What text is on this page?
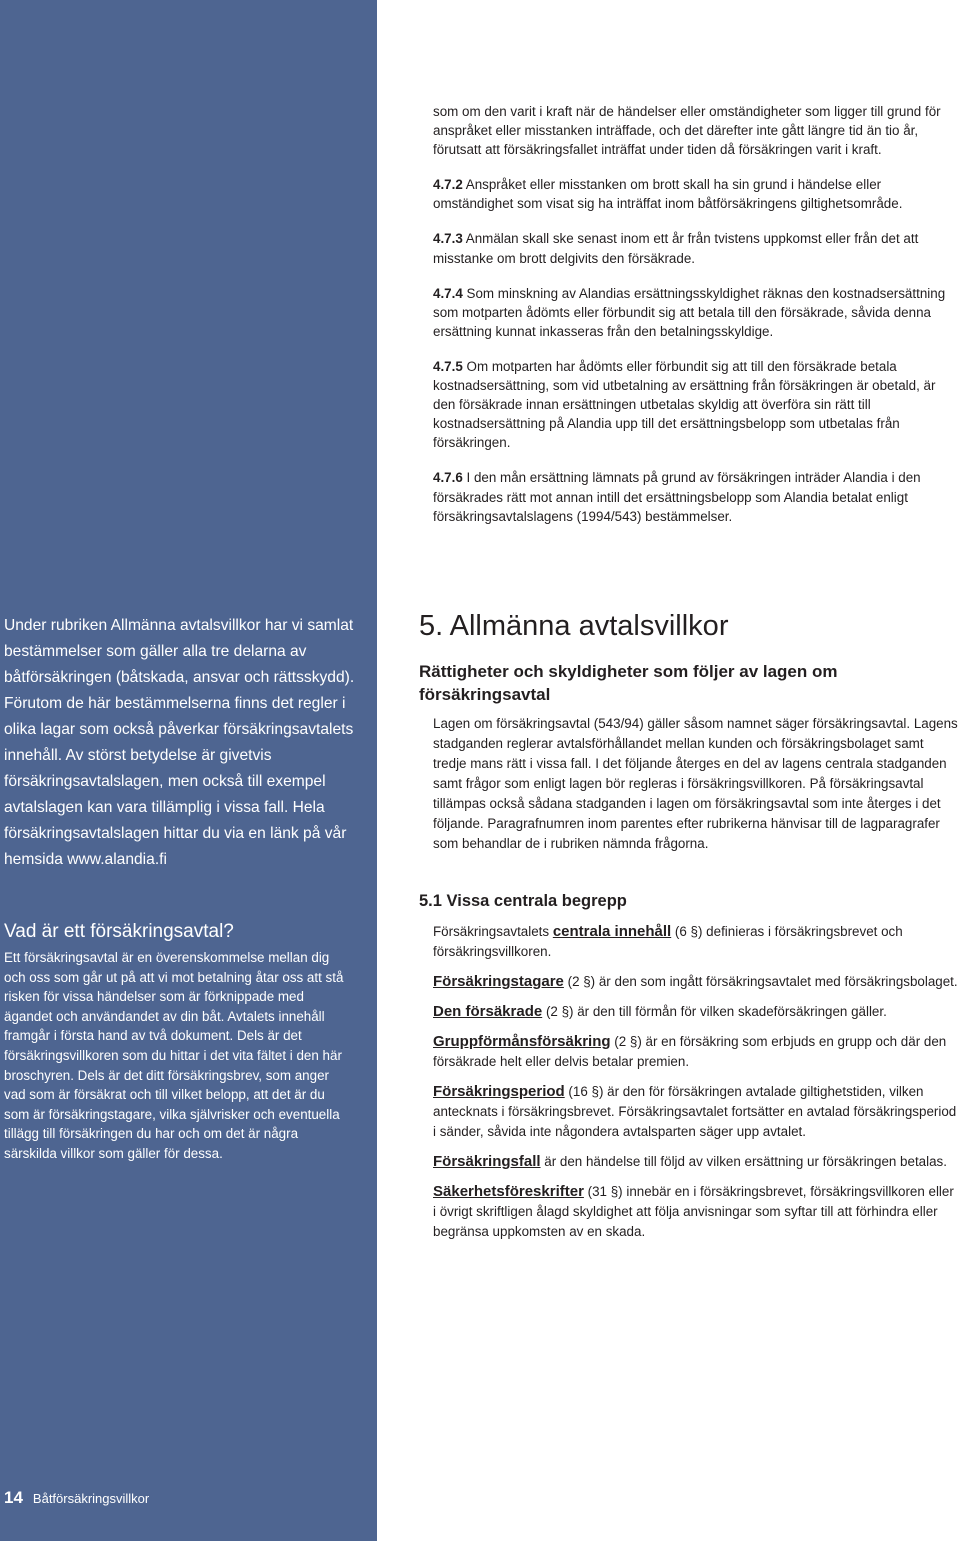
Under rubriken Allmänna avtalsvillkor har vi samlat bestämmelser som gäller alla tre delarna av båtförsäkringen (båtskada, ansvar och rättsskydd). Förutom de här bestämmelserna finns det regler i olika lagar som också påverkar försäkringsavtalets innehåll. Av störst betydelse är givetvis försäkringsavtalslagen, men också till exempel avtalslagen kan vara tillämplig i vissa fall. Hela försäkringsavtalslagen hittar du via en länk på vår hemsida www.alandia.fi
Vad är ett försäkringsavtal?
Ett försäkringsavtal är en överenskommelse mellan dig och oss som går ut på att vi mot betalning åtar oss att stå risken för vissa händelser som är förknippade med ägandet och användandet av din båt. Avtalets innehåll framgår i första hand av två dokument. Dels är det försäkringsvillkoren som du hittar i det vita fältet i den här broschyren. Dels är det ditt försäkringsbrev, som anger vad som är försäkrat och till vilket belopp, att det är du som är försäkringstagare, vilka självrisker och eventuella tillägg till försäkringen du har och om det är några särskilda villkor som gäller för dessa.
14 Båtförsäkringsvillkor

som om den varit i kraft när de händelser eller omständigheter som ligger till grund för anspråket eller misstanken inträffade, och det därefter inte gått längre tid än tio år, förutsatt att försäkringsfallet inträffat under tiden då försäkringen varit i kraft.

4.7.2 Anspråket eller misstanken om brott skall ha sin grund i händelse eller omständighet som visat sig ha inträffat inom båtförsäkringens giltighetsområde.

4.7.3 Anmälan skall ske senast inom ett år från tvistens uppkomst eller från det att misstanke om brott delgivits den försäkrade.

4.7.4 Som minskning av Alandias ersättningsskyldighet räknas den kostnadsersättning som motparten ådömts eller förbundit sig att betala till den försäkrade, såvida denna ersättning kunnat inkasseras från den betalningsskyldige.

4.7.5 Om motparten har ådömts eller förbundit sig att till den försäkrade betala kostnadsersättning, som vid utbetalning av ersättning från försäkringen är obetald, är den försäkrade innan ersättningen utbetalas skyldig att överföra sin rätt till kostnadsersättning på Alandia upp till det ersättningsbelopp som utbetalas från försäkringen.

4.7.6 I den mån ersättning lämnats på grund av försäkringen inträder Alandia i den försäkrades rätt mot annan intill det ersättningsbelopp som Alandia betalat enligt försäkringsavtalslagens (1994/543) bestämmelser.

5. Allmänna avtalsvillkor
Rättigheter och skyldigheter som följer av lagen om försäkringsavtal

Lagen om försäkringsavtal (543/94) gäller såsom namnet säger försäkringsavtal. Lagens stadganden reglerar avtalsförhållandet mellan kunden och försäkringsbolaget samt tredje mans rätt i vissa fall. I det följande återges en del av lagens centrala stadganden samt frågor som enligt lagen bör regleras i försäkringsvillkoren. På försäkringsavtal tillämpas också sådana stadganden i lagen om försäkringsavtal som inte återges i det följande. Paragrafnumren inom parentes efter rubrikerna hänvisar till de lagparagrafer som behandlar de i rubriken nämnda frågorna.

5.1 Vissa centrala begrepp

Försäkringsavtalets centrala innehåll (6 §) definieras i försäkringsbrevet och försäkringsvillkoren.

Försäkringstagare (2 §) är den som ingått försäkringsavtalet med försäkringsbolaget.

Den försäkrade (2 §) är den till förmån för vilken skadeförsäkringen gäller.

Gruppförmånsförsäkring (2 §) är en försäkring som erbjuds en grupp och där den försäkrade helt eller delvis betalar premien.

Försäkringsperiod (16 §) är den för försäkringen avtalade giltighetstiden, vilken antecknats i försäkringsbrevet. Försäkringsavtalet fortsätter en avtalad försäkringsperiod i sänder, såvida inte någondera avtalsparten säger upp avtalet.

Försäkringsfall är den händelse till följd av vilken ersättning ur försäkringen betalas.

Säkerhetsföreskrifter (31 §) innebär en i försäkringsbrevet, försäkringsvillkoren eller i övrigt skriftligen ålagd skyldighet att följa anvisningar som syftar till att förhindra eller begränsa uppkomsten av en skada.
